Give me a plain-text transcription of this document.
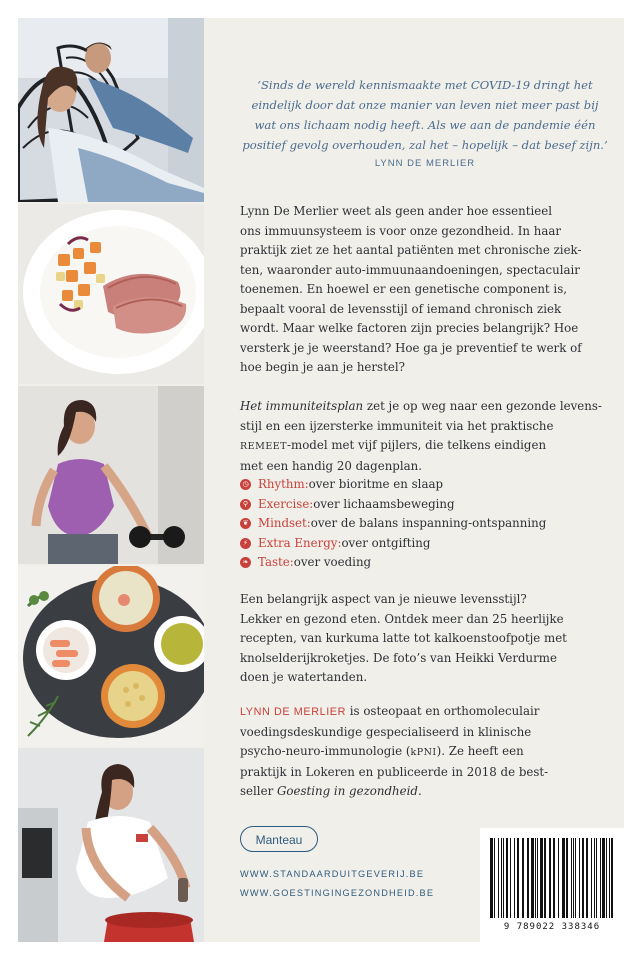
‘Sinds de wereld kennismaakte met COVID-19 dringt het
eindelijk door dat onze manier van leven niet meer past bij
wat ons lichaam nodig heeft. Als we aan de pandemie één
positief gevolg overhouden, zal het – hopelijk – dat besef zijn.’
LYNN DE MERLIER
Lynn De Merlier weet als geen ander hoe essentieel
ons immuunsysteem is voor onze gezondheid. In haar
praktijk ziet ze het aantal patiënten met chronische ziek-
ten, waaronder auto-immuunaandoeningen, spectaculair
toenemen. En hoewel er een genetische component is,
bepaalt vooral de levensstijl of iemand chronisch ziek
wordt. Maar welke factoren zijn precies belangrijk? Hoe
versterk je je weerstand? Hoe ga je preventief te werk of
hoe begin je aan je herstel?
Het immuniteitsplan zet je op weg naar een gezonde levens-
stijl en een ijzersterke immuniteit via het praktische
REMEET-model met vijf pijlers, die telkens eindigen
met een handig 20 dagenplan.
◷ Rhythm: over bioritme en slaap
⚲ Exercise: over lichaamsbeweging
❦ Mindset: over de balans inspanning-ontspanning
⚡ Extra Energy: over ontgifting
❧ Taste: over voeding
Een belangrijk aspect van je nieuwe levensstijl?
Lekker en gezond eten. Ontdek meer dan 25 heerlijke
recepten, van kurkuma latte tot kalkoenstoofpotje met
knolselderijkroketjes. De foto’s van Heikki Verdurme
doen je watertanden.
LYNN DE MERLIER is osteopaat en orthomoleculair
voedingsdeskundige gespecialiseerd in klinische
psycho-neuro-immunologie (kPNI). Ze heeft een
praktijk in Lokeren en publiceerde in 2018 de best-
seller Goesting in gezondheid.
Manteau
WWW.STANDAARDUITGEVERIJ.BE
WWW.GOESTINGINGEZONDHEID.BE
9 789022 338346
